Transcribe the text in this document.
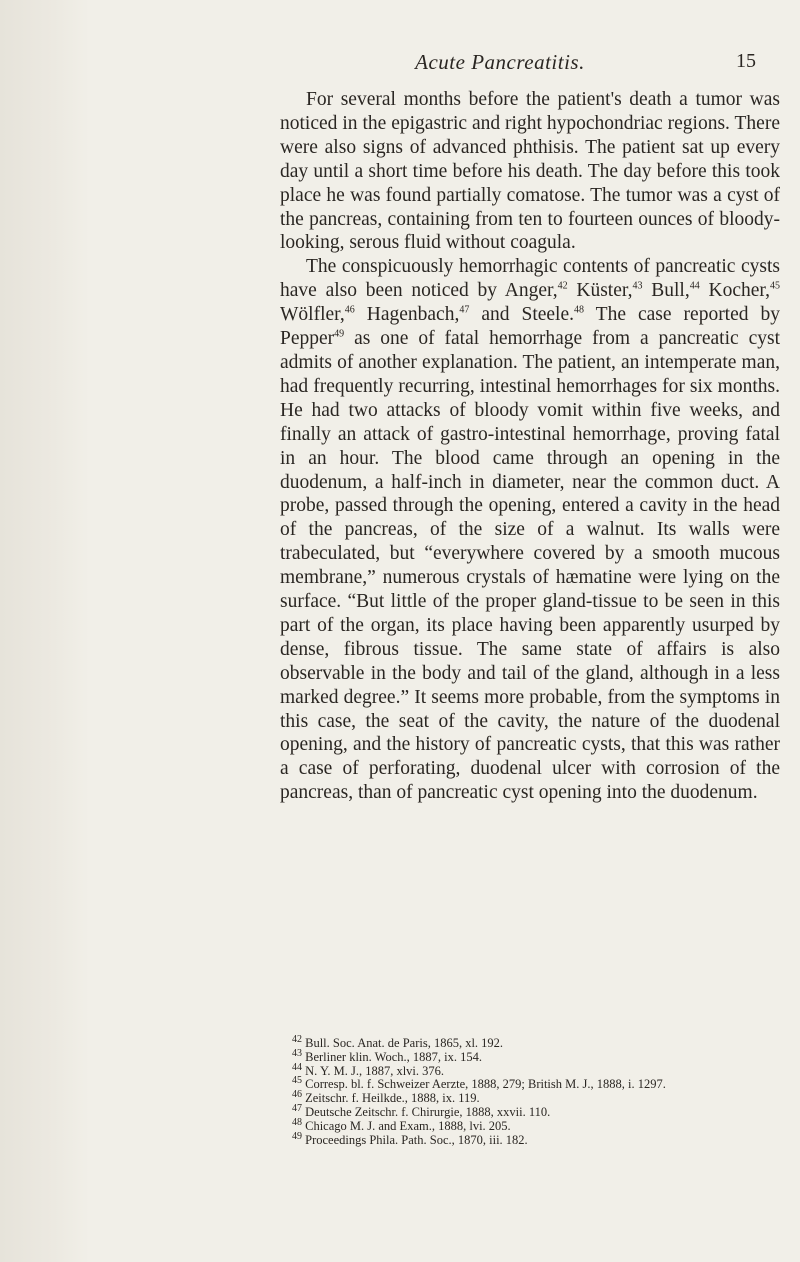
Acute Pancreatitis.	15

For several months before the patient's death a tumor was noticed in the epigastric and right hypochondriac regions. There were also signs of advanced phthisis. The patient sat up every day until a short time before his death. The day before this took place he was found partially comatose. The tumor was a cyst of the pancreas, containing from ten to fourteen ounces of bloody-looking, serous fluid without coagula.

The conspicuously hemorrhagic contents of pancreatic cysts have also been noticed by Anger,$^{42}$ Küster,$^{43}$ Bull,$^{44}$ Kocher,$^{45}$ Wölfler,$^{46}$ Hagenbach,$^{47}$ and Steele.$^{48}$ The case reported by Pepper$^{49}$ as one of fatal hemorrhage from a pancreatic cyst admits of another explanation. The patient, an intemperate man, had frequently recurring, intestinal hemorrhages for six months. He had two attacks of bloody vomit within five weeks, and finally an attack of gastro-intestinal hemorrhage, proving fatal in an hour. The blood came through an opening in the duodenum, a half-inch in diameter, near the common duct. A probe, passed through the opening, entered a cavity in the head of the pancreas, of the size of a walnut. Its walls were trabeculated, but “everywhere covered by a smooth mucous membrane,” numerous crystals of hæmatine were lying on the surface. “But little of the proper gland-tissue to be seen in this part of the organ, its place having been apparently usurped by dense, fibrous tissue. The same state of affairs is also observable in the body and tail of the gland, although in a less marked degree.” It seems more probable, from the symptoms in this case, the seat of the cavity, the nature of the duodenal opening, and the history of pancreatic cysts, that this was rather a case of perforating, duodenal ulcer with corrosion of the pancreas, than of pancreatic cyst opening into the duodenum.

$^{42}$ Bull. Soc. Anat. de Paris, 1865, xl. 192.

$^{43}$ Berliner klin. Woch., 1887, ix. 154.

$^{44}$ N. Y. M. J., 1887, xlvi. 376.

$^{45}$ Corresp. bl. f. Schweizer Aerzte, 1888, 279; British M. J., 1888, i. 1297.

$^{46}$ Zeitschr. f. Heilkde., 1888, ix. 119.

$^{47}$ Deutsche Zeitschr. f. Chirurgie, 1888, xxvii. 110.

$^{48}$ Chicago M. J. and Exam., 1888, lvi. 205.

$^{49}$ Proceedings Phila. Path. Soc., 1870, iii. 182.
